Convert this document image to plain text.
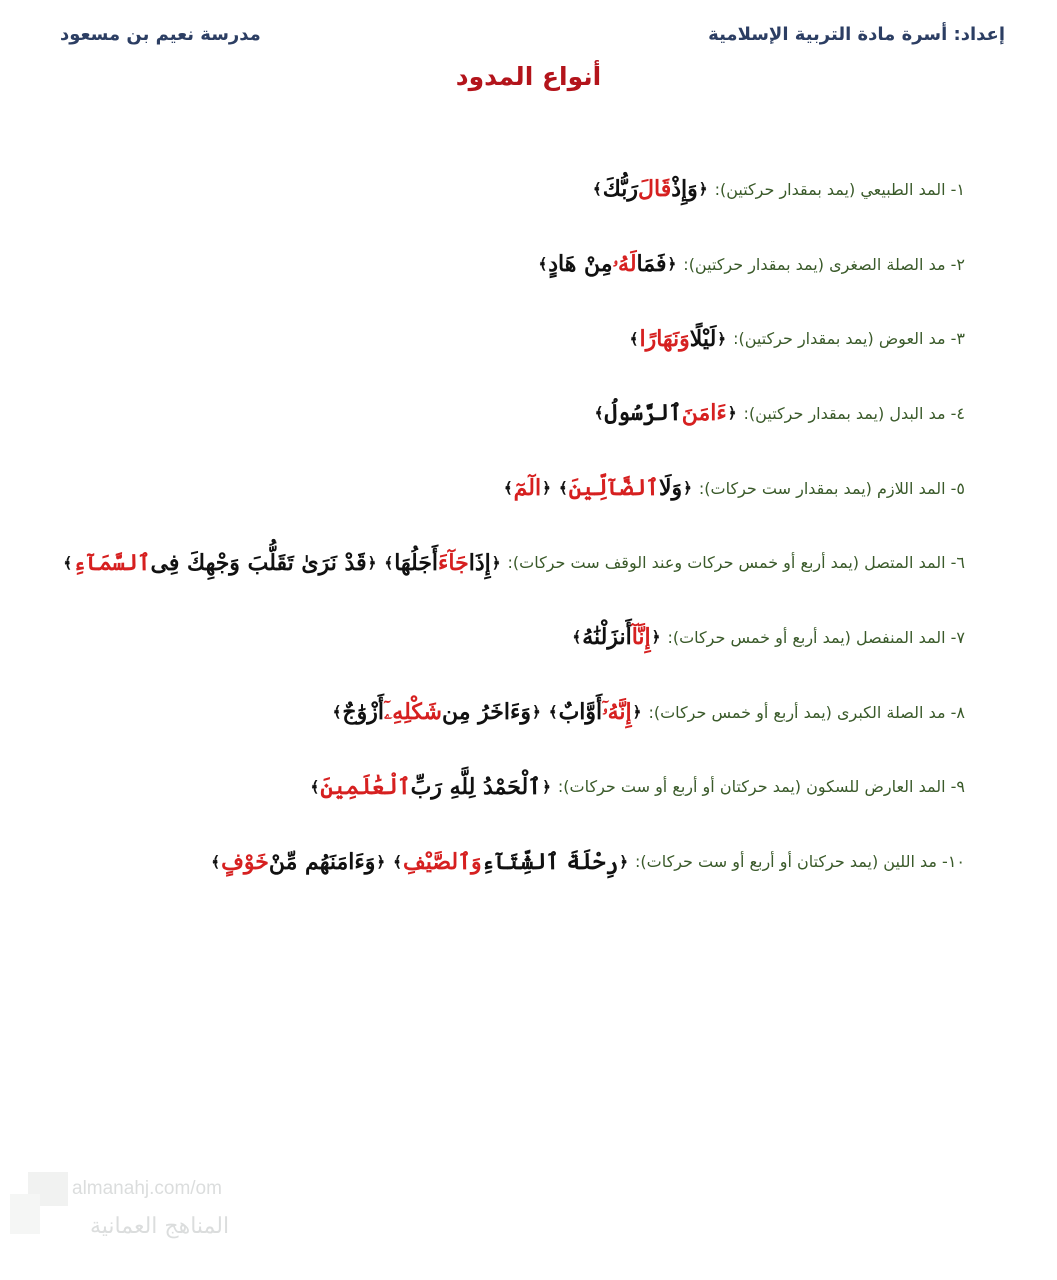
إعداد: أسرة مادة التربية الإسلامية
مدرسة نعيم بن مسعود
أنواع المدود
١- المد الطبيعي (يمد بمقدار حركتين):
﴿
وَإِذْ
قَالَ
رَبُّكَ
﴾
٢- مد الصلة الصغرى (يمد بمقدار حركتين):
﴿
فَمَا
لَهُۥ
مِنْ هَادٍ
﴾
٣- مد العوض (يمد بمقدار حركتين):
﴿
لَيْلًا
وَنَهَارًا
﴾
٤- مد البدل (يمد بمقدار حركتين):
﴿
ءَامَنَ
ٱلرَّسُولُ
﴾
٥- المد اللازم (يمد بمقدار ست حركات):
﴿
وَلَا
ٱلضَّآلِّينَ
﴾
﴿
الٓمٓ
﴾
٦- المد المتصل (يمد أربع أو خمس حركات وعند الوقف ست حركات):
﴿
إِذَا
جَآءَ
أَجَلُهَا
﴾
﴿
قَدْ نَرَىٰ تَقَلُّبَ وَجْهِكَ فِى
ٱلسَّمَآءِ
﴾
٧- المد المنفصل (يمد أربع أو خمس حركات):
﴿
إِنَّآ
أَنزَلْنَٰهُ
﴾
٨- مد الصلة الكبرى (يمد أربع أو خمس حركات):
﴿
إِنَّهُۥٓ
أَوَّابٌ
﴾
﴿
وَءَاخَرُ مِن
شَكْلِهِۦٓ
أَزْوَٰجٌ
﴾
٩- المد العارض للسكون (يمد حركتان أو أربع أو ست حركات):
﴿
ٱلْحَمْدُ لِلَّهِ رَبِّ
ٱلْعَٰلَمِينَ
﴾
١٠- مد اللين (يمد حركتان أو أربع أو ست حركات):
﴿
رِحْلَةَ ٱلشِّتَآءِ
وَٱلصَّيْفِ
﴾
﴿
وَءَامَنَهُم مِّنْ
خَوْفٍ
﴾
almanahj.com/om
المناهج العمانية
